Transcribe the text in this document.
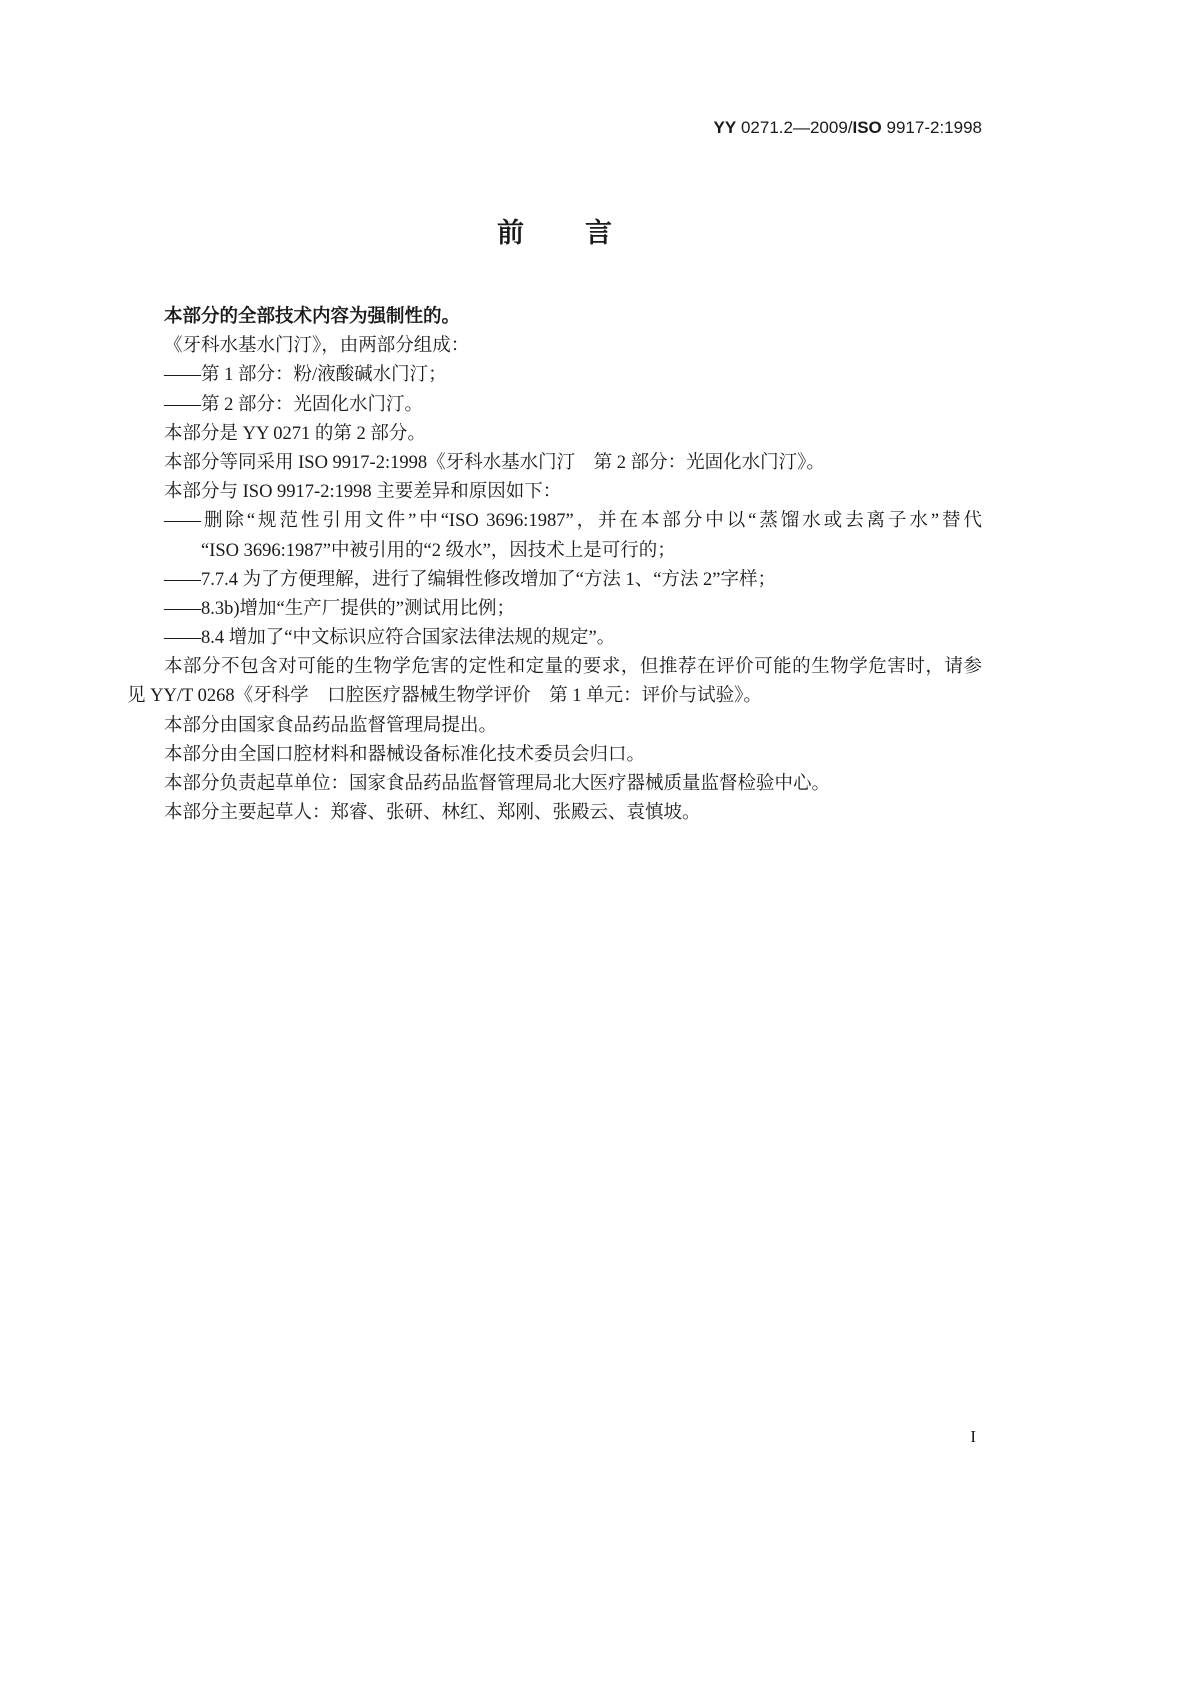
YY 0271.2—2009/ISO 9917-2:1998
前　言

本部分的全部技术内容为强制性的。

《牙科水基水门汀》，由两部分组成：

——第 1 部分：粉/液酸碱水门汀；

——第 2 部分：光固化水门汀。

本部分是 YY 0271 的第 2 部分。

本部分等同采用 ISO 9917-2:1998《牙科水基水门汀　第 2 部分：光固化水门汀》。

本部分与 ISO 9917-2:1998 主要差异和原因如下：

——删除“规范性引用文件”中“ISO 3696:1987”，并在本部分中以“蒸馏水或去离子水”替代

“ISO 3696:1987”中被引用的“2 级水”，因技术上是可行的；

——7.7.4 为了方便理解，进行了编辑性修改增加了“方法 1、“方法 2”字样；

——8.3b)增加“生产厂提供的”测试用比例；

——8.4 增加了“中文标识应符合国家法律法规的规定”。

本部分不包含对可能的生物学危害的定性和定量的要求，但推荐在评价可能的生物学危害时，请参

见 YY/T 0268《牙科学　口腔医疗器械生物学评价　第 1 单元：评价与试验》。

本部分由国家食品药品监督管理局提出。

本部分由全国口腔材料和器械设备标准化技术委员会归口。

本部分负责起草单位：国家食品药品监督管理局北大医疗器械质量监督检验中心。

本部分主要起草人：郑睿、张研、林红、郑刚、张殿云、袁慎坡。

I
